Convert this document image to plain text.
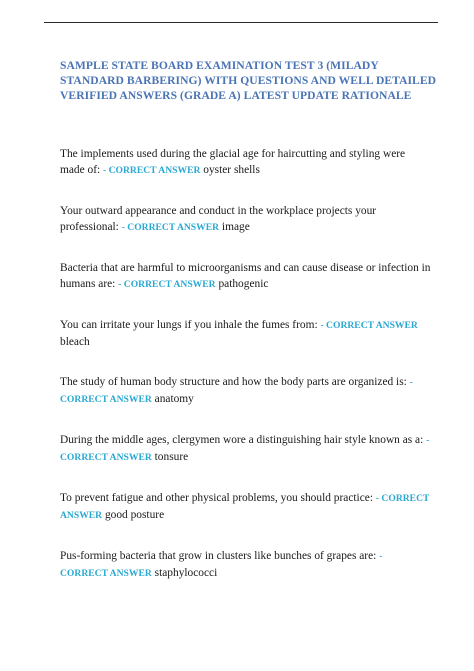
SAMPLE STATE BOARD EXAMINATION TEST 3 (MILADY STANDARD BARBERING) WITH QUESTIONS AND WELL DETAILED VERIFIED ANSWERS (GRADE A) LATEST UPDATE RATIONALE
The implements used during the glacial age for haircutting and styling were made of: - CORRECT ANSWER oyster shells
Your outward appearance and conduct in the workplace projects your professional: - CORRECT ANSWER image
Bacteria that are harmful to microorganisms and can cause disease or infection in humans are: - CORRECT ANSWER pathogenic
You can irritate your lungs if you inhale the fumes from: - CORRECT ANSWER bleach
The study of human body structure and how the body parts are organized is: - CORRECT ANSWER anatomy
During the middle ages, clergymen wore a distinguishing hair style known as a: - CORRECT ANSWER tonsure
To prevent fatigue and other physical problems, you should practice: - CORRECT ANSWER good posture
Pus-forming bacteria that grow in clusters like bunches of grapes are: - CORRECT ANSWER staphylococci
